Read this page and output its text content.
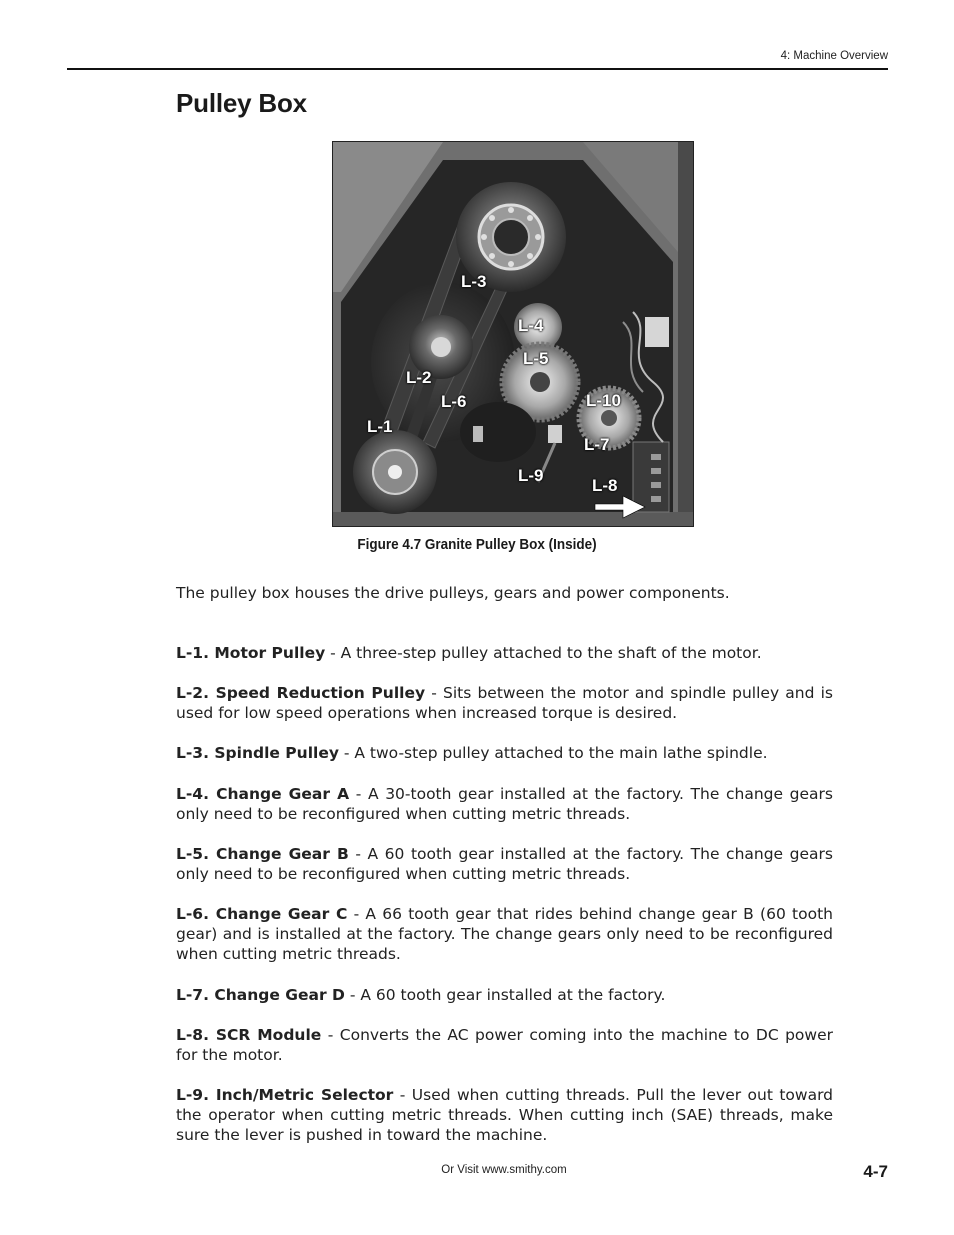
4: Machine Overview
Pulley Box
L-3
L-4
L-5
L-2
L-6	L-10
L-1
L-7
L-9
L-8
Figure 4.7 Granite Pulley Box (Inside)

The pulley box houses the drive pulleys, gears and power components.

L-1. Motor Pulley - A three-step pulley attached to the shaft of the motor.

L-2. Speed Reduction Pulley - Sits between the motor and spindle pulley and is used for low speed operations when increased torque is desired.

L-3. Spindle Pulley - A two-step pulley attached to the main lathe spindle.

L-4. Change Gear A - A 30-tooth gear installed at the factory. The change gears only need to be reconfigured when cutting metric threads.

L-5. Change Gear B - A 60 tooth gear installed at the factory. The change gears only need to be reconfigured when cutting metric threads.

L-6. Change Gear C - A 66 tooth gear that rides behind change gear B (60 tooth gear) and is installed at the factory. The change gears only need to be reconfigured when cutting metric threads.

L-7. Change Gear D - A 60 tooth gear installed at the factory.

L-8. SCR Module - Converts the AC power coming into the machine to DC power for the motor.

L-9. Inch/Metric Selector - Used when cutting threads. Pull the lever out toward the operator when cutting metric threads. When cutting inch (SAE) threads, make sure the lever is pushed in toward the machine.

Or Visit www.smithy.com	4-7
